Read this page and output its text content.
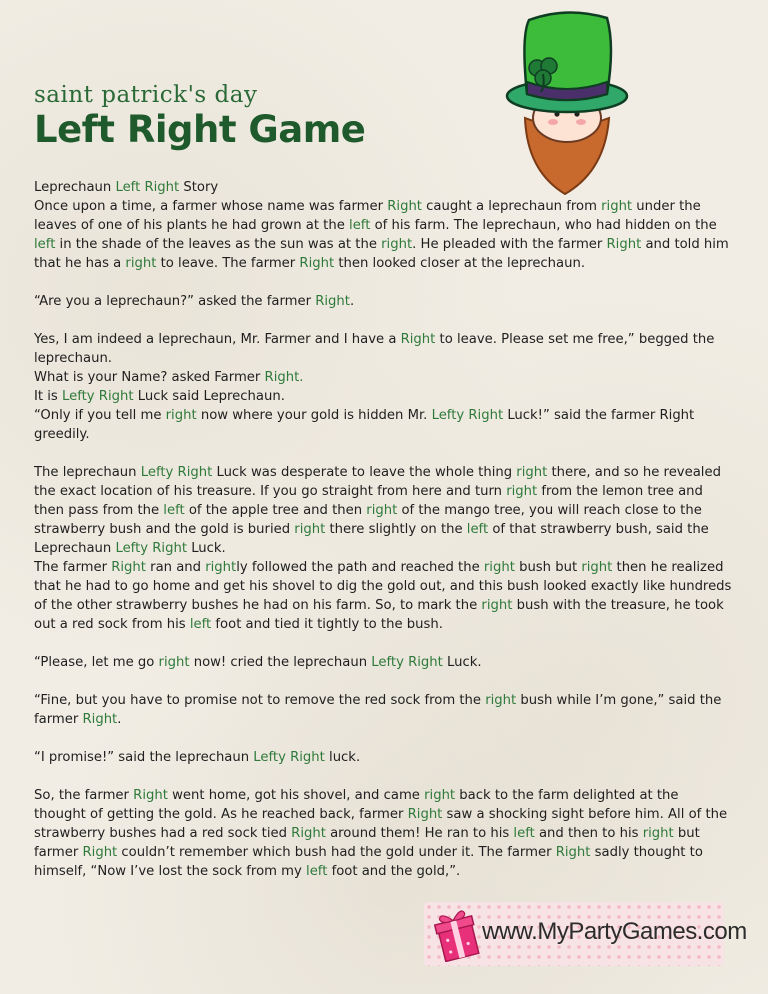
saint patrick's day
Left Right Game

Leprechaun Left Right Story

Once upon a time, a farmer whose name was farmer Right caught a leprechaun from right under the leaves of one of his plants he had grown at the left of his farm. The leprechaun, who had hidden on the left in the shade of the leaves as the sun was at the right. He pleaded with the farmer Right and told him that he has a right to leave. The farmer Right then looked closer at the leprechaun.

“Are you a leprechaun?” asked the farmer Right.

Yes, I am indeed a leprechaun, Mr. Farmer and I have a Right to leave. Please set me free,” begged the leprechaun.

What is your Name? asked Farmer Right.

It is Lefty Right Luck said Leprechaun.

“Only if you tell me right now where your gold is hidden Mr. Lefty Right Luck!” said the farmer Right greedily.

The leprechaun Lefty Right Luck was desperate to leave the whole thing right there, and so he revealed the exact location of his treasure. If you go straight from here and turn right from the lemon tree and then pass from the left of the apple tree and then right of the mango tree, you will reach close to the strawberry bush and the gold is buried right there slightly on the left of that strawberry bush, said the Leprechaun Lefty Right Luck.

The farmer Right ran and rightly followed the path and reached the right bush but right then he realized that he had to go home and get his shovel to dig the gold out, and this bush looked exactly like hundreds of the other strawberry bushes he had on his farm. So, to mark the right bush with the treasure, he took out a red sock from his left foot and tied it tightly to the bush.

“Please, let me go right now! cried the leprechaun Lefty Right Luck.

“Fine, but you have to promise not to remove the red sock from the right bush while I’m gone,” said the farmer Right.

“I promise!” said the leprechaun Lefty Right luck.

So, the farmer Right went home, got his shovel, and came right back to the farm delighted at the thought of getting the gold. As he reached back, farmer Right saw a shocking sight before him. All of the strawberry bushes had a red sock tied Right around them! He ran to his left and then to his right but farmer Right couldn’t remember which bush had the gold under it. The farmer Right sadly thought to himself, “Now I’ve lost the sock from my left foot and the gold,”.

www.MyPartyGames.com
